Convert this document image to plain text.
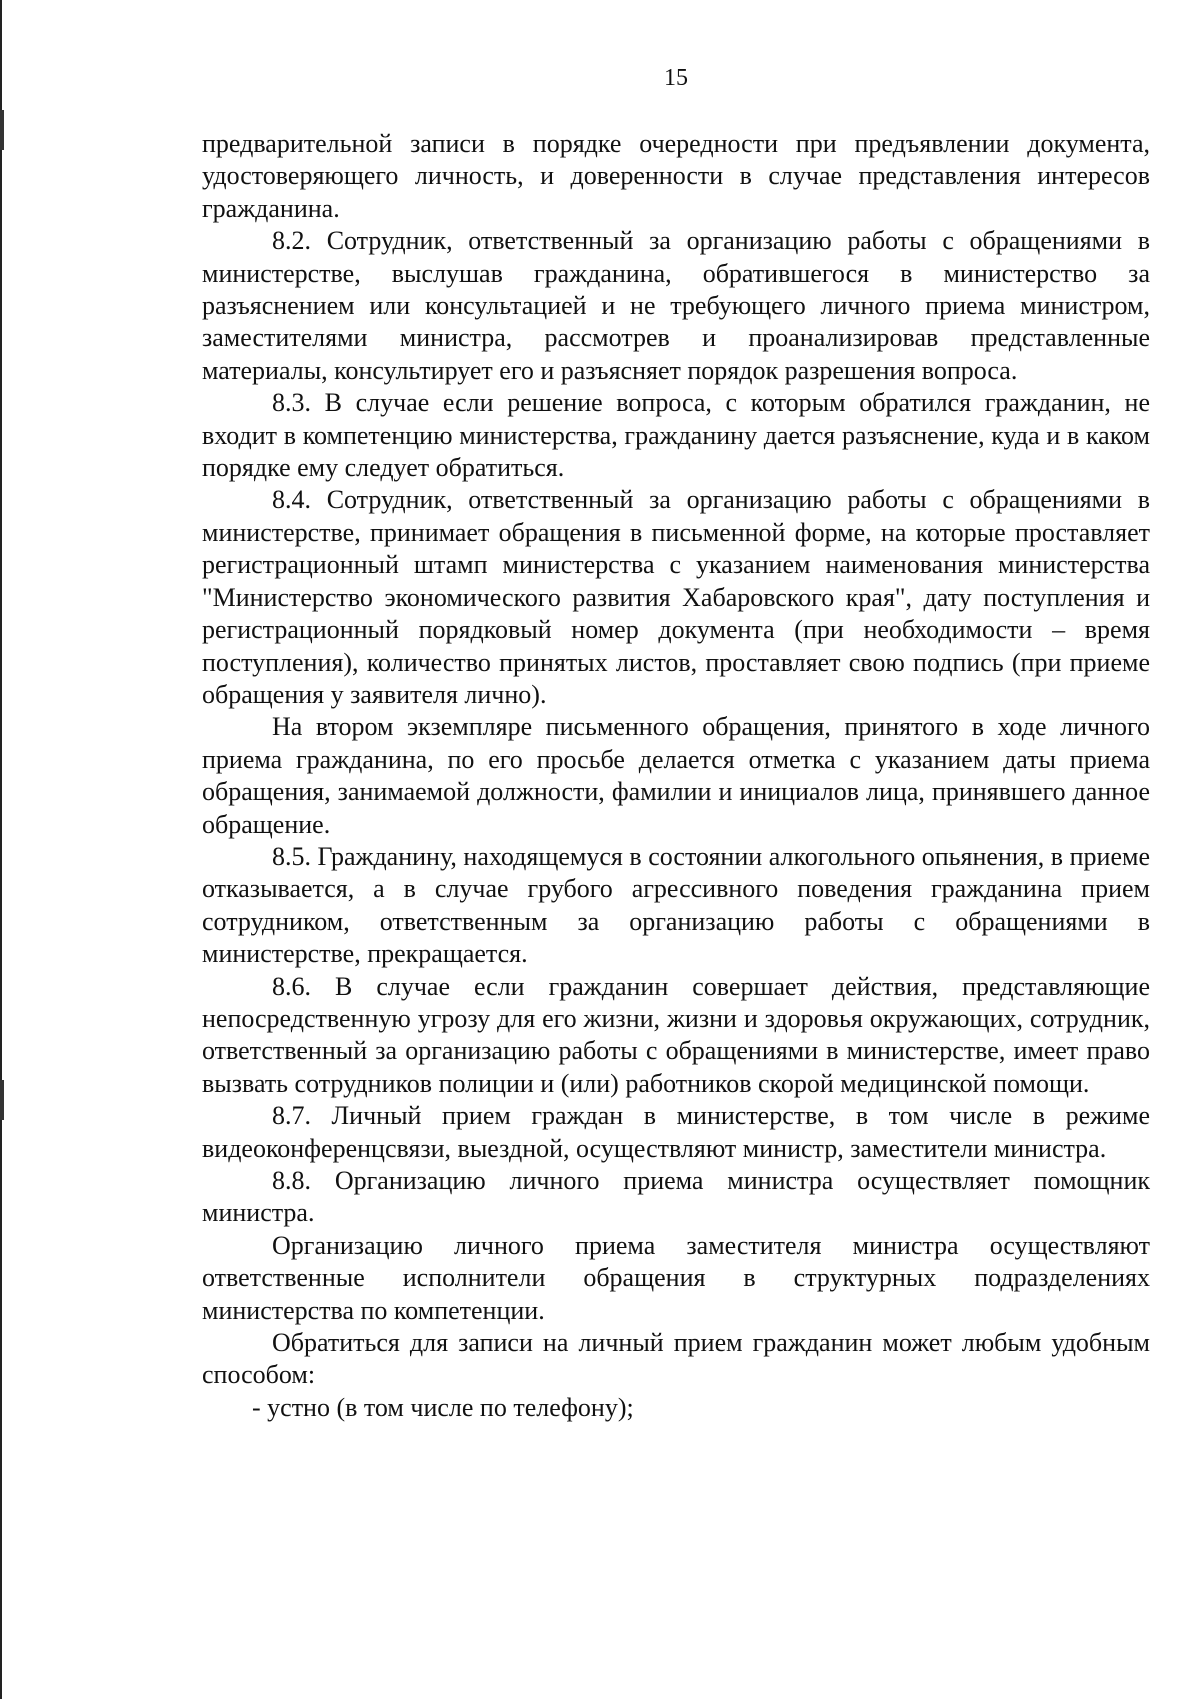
15

предварительной записи в порядке очередности при предъявлении документа, удостоверяющего личность, и доверенности в случае представления интересов гражданина.

8.2. Сотрудник, ответственный за организацию работы с обращениями в министерстве, выслушав гражданина, обратившегося в министерство за разъяснением или консультацией и не требующего личного приема министром, заместителями министра, рассмотрев и проанализировав представленные материалы, консультирует его и разъясняет порядок разрешения вопроса.

8.3. В случае если решение вопроса, с которым обратился гражданин, не входит в компетенцию министерства, гражданину дается разъяснение, куда и в каком порядке ему следует обратиться.

8.4. Сотрудник, ответственный за организацию работы с обращениями в министерстве, принимает обращения в письменной форме, на которые проставляет регистрационный штамп министерства с указанием наименования министерства "Министерство экономического развития Хабаровского края", дату поступления и регистрационный порядковый номер документа (при необходимости – время поступления), количество принятых листов, проставляет свою подпись (при приеме обращения у заявителя лично).

На втором экземпляре письменного обращения, принятого в ходе личного приема гражданина, по его просьбе делается отметка с указанием даты приема обращения, занимаемой должности, фамилии и инициалов лица, принявшего данное обращение.

8.5. Гражданину, находящемуся в состоянии алкогольного опьянения, в приеме отказывается, а в случае грубого агрессивного поведения гражданина прием сотрудником, ответственным за организацию работы с обращениями в министерстве, прекращается.

8.6. В случае если гражданин совершает действия, представляющие непосредственную угрозу для его жизни, жизни и здоровья окружающих, сотрудник, ответственный за организацию работы с обращениями в министерстве, имеет право вызвать сотрудников полиции и (или) работников скорой медицинской помощи.

8.7. Личный прием граждан в министерстве, в том числе в режиме видеоконференцсвязи, выездной, осуществляют министр, заместители министра.

8.8. Организацию личного приема министра осуществляет помощник министра.

Организацию личного приема заместителя министра осуществляют ответственные исполнители обращения в структурных подразделениях министерства по компетенции.

Обратиться для записи на личный прием гражданин может любым удобным способом:

- устно (в том числе по телефону);
